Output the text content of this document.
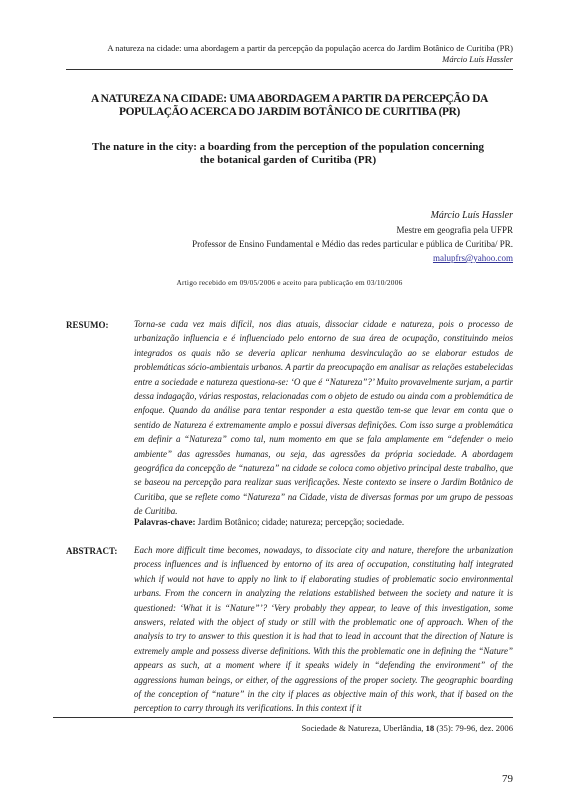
A natureza na cidade: uma abordagem a partir da percepção da população acerca do Jardim Botânico de Curitiba (PR)
Márcio Luís Hassler
A NATUREZA NA CIDADE: UMA ABORDAGEM A PARTIR DA PERCEPÇÃO DA POPULAÇÃO ACERCA DO JARDIM BOTÂNICO DE CURITIBA (PR)
The nature in the city: a boarding from the perception of the population concerning the botanical garden of Curitiba (PR)
Márcio Luís Hassler
Mestre em geografia pela UFPR
Professor de Ensino Fundamental e Médio das redes particular e pública de Curitiba/ PR.
malupfrs@yahoo.com
Artigo recebido em 09/05/2006 e aceito para publicação em 03/10/2006
RESUMO:	Torna-se cada vez mais difícil, nos dias atuais, dissociar cidade e natureza, pois o processo de urbanização influencia e é influenciado pelo entorno de sua área de ocupação, constituindo meios integrados os quais não se deveria aplicar nenhuma desvinculação ao se elaborar estudos de problemáticas sócio-ambientais urbanos. A partir da preocupação em analisar as relações estabelecidas entre a sociedade e natureza questiona-se: ‘O que é “Natureza”?’ Muito provavelmente surjam, a partir dessa indagação, várias respostas, relacionadas com o objeto de estudo ou ainda com a problemática de enfoque. Quando da análise para tentar responder a esta questão tem-se que levar em conta que o sentido de Natureza é extremamente amplo e possui diversas definições. Com isso surge a problemática em definir a “Natureza” como tal, num momento em que se fala amplamente em “defender o meio ambiente” das agressões humanas, ou seja, das agressões da própria sociedade. A abordagem geográfica da concepção de “natureza” na cidade se coloca como objetivo principal deste trabalho, que se baseou na percepção para realizar suas verificações. Neste contexto se insere o Jardim Botânico de Curitiba, que se reflete como “Natureza” na Cidade, vista de diversas formas por um grupo de pessoas de Curitiba.
Palavras-chave: Jardim Botânico; cidade; natureza; percepção; sociedade.
ABSTRACT:	Each more difficult time becomes, nowadays, to dissociate city and nature, therefore the urbanization process influences and is influenced by entorno of its area of occupation, constituting half integrated which if would not have to apply no link to if elaborating studies of problematic socio environmental urbans. From the concern in analyzing the relations established between the society and nature it is questioned: ‘What it is “Nature”’? ‘Very probably they appear, to leave of this investigation, some answers, related with the object of study or still with the problematic one of approach. When of the analysis to try to answer to this question it is had that to lead in account that the direction of Nature is extremely ample and possess diverse definitions. With this the problematic one in defining the “Nature” appears as such, at a moment where if it speaks widely in “defending the environment” of the aggressions human beings, or either, of the aggressions of the proper society. The geographic boarding of the conception of “nature” in the city if places as objective main of this work, that if based on the perception to carry through its verifications. In this context if it
Sociedade & Natureza, Uberlândia, 18 (35): 79-96, dez. 2006
79
